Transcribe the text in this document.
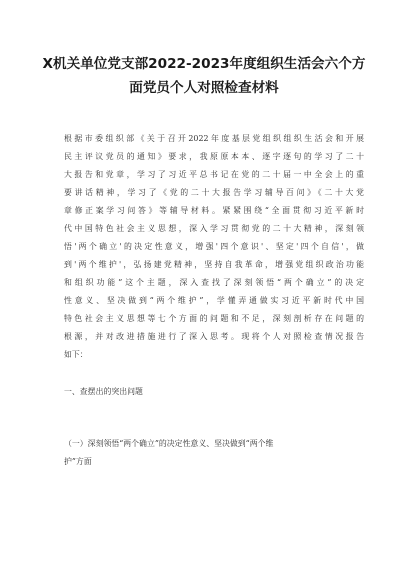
X机关单位党支部2022-2023年度组织生活会六个方
面党员个人对照检查材料
根据市委组织部《关于召开2022年度基层党组织组织生活会和开展
民主评议党员的通知》要求，我原原本本、逐字逐句的学习了二十
大报告和党章，学习了习近平总书记在党的二十届一中全会上的重
要讲话精神，学习了《党的二十大报告学习辅导百问》《二十大党
章修正案学习问答》等辅导材料。紧紧围绕“全面贯彻习近平新时
代中国特色社会主义思想，深入学习贯彻党的二十大精神，深刻领
悟'两个确立'的决定性意义，增强'四个意识'、坚定'四个自信'，做
到'两个维护'，弘扬建党精神，坚持自我革命，增强党组织政治功能
和组织功能”这个主题，深入查找了深刻领悟“两个确立”的决定
性意义、坚决做到“两个维护”，学懂弄通做实习近平新时代中国
特色社会主义思想等七个方面的问题和不足，深刻剖析存在问题的
根源，并对改进措施进行了深入思考。现将个人对照检查情况报告
如下：
一、查摆出的突出问题
（一）深刻领悟“两个确立”的决定性意义、坚决做到“两个维
护”方面
